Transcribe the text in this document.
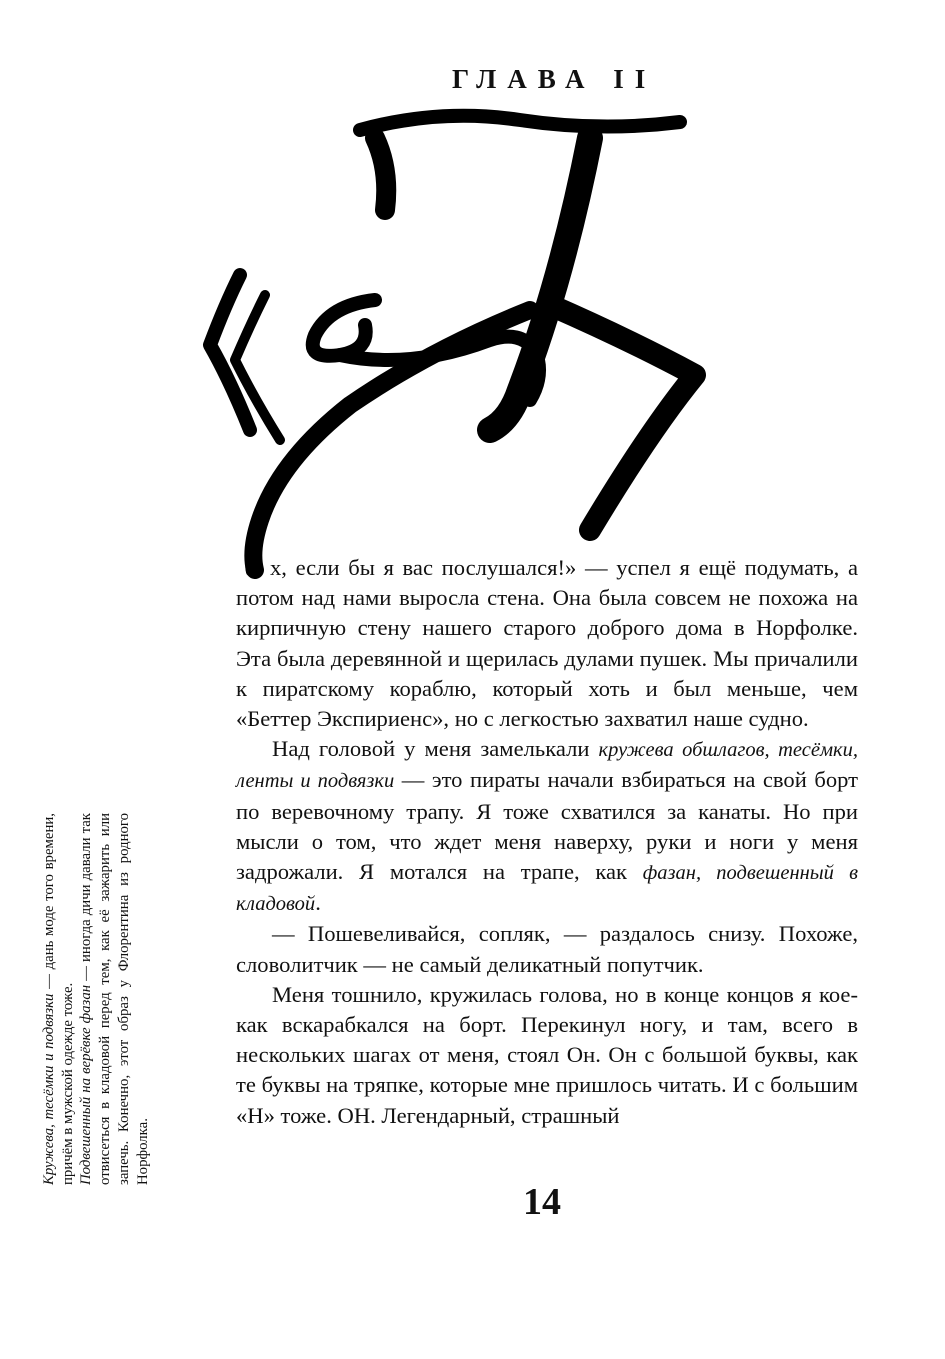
ГЛАВА II

х, если бы я вас послушался!» — успел я ещё подумать, а потом над нами выросла стена. Она была совсем не похожа на кирпичную стену нашего старого доброго дома в Норфолке. Эта была деревянной и щерилась дулами пушек. Мы причалили к пиратскому кораблю, который хоть и был меньше, чем «Беттер Экспириенс», но с легкостью захватил наше судно.

Над головой у меня замелькали кружева обшлагов, тесёмки, ленты и подвязки — это пираты начали взбираться на свой борт по веревочному трапу. Я тоже схватился за канаты. Но при мысли о том, что ждет меня наверху, руки и ноги у меня задрожали. Я мотался на трапе, как фазан, подвешенный в кладовой.

— Пошевеливайся, сопляк, — раздалось снизу. Похоже, словолитчик — не самый деликатный попутчик.

Меня тошнило, кружилась голова, но в конце концов я кое-как вскарабкался на борт. Перекинул ногу, и там, всего в нескольких шагах от меня, стоял Он. Он с большой буквы, как те буквы на тряпке, которые мне пришлось читать. И с большим «Н» тоже. ОН. Легендарный, страшный

Кружева, тесёмки и подвязки — дань моде того времени, причём в мужской одежде тоже. Подвешенный на верёвке фазан — иногда дичи давали так отвисеться в кладовой перед тем, как её зажарить или запечь. Конечно, этот образ у Флорентина из родного Норфолка.

14
